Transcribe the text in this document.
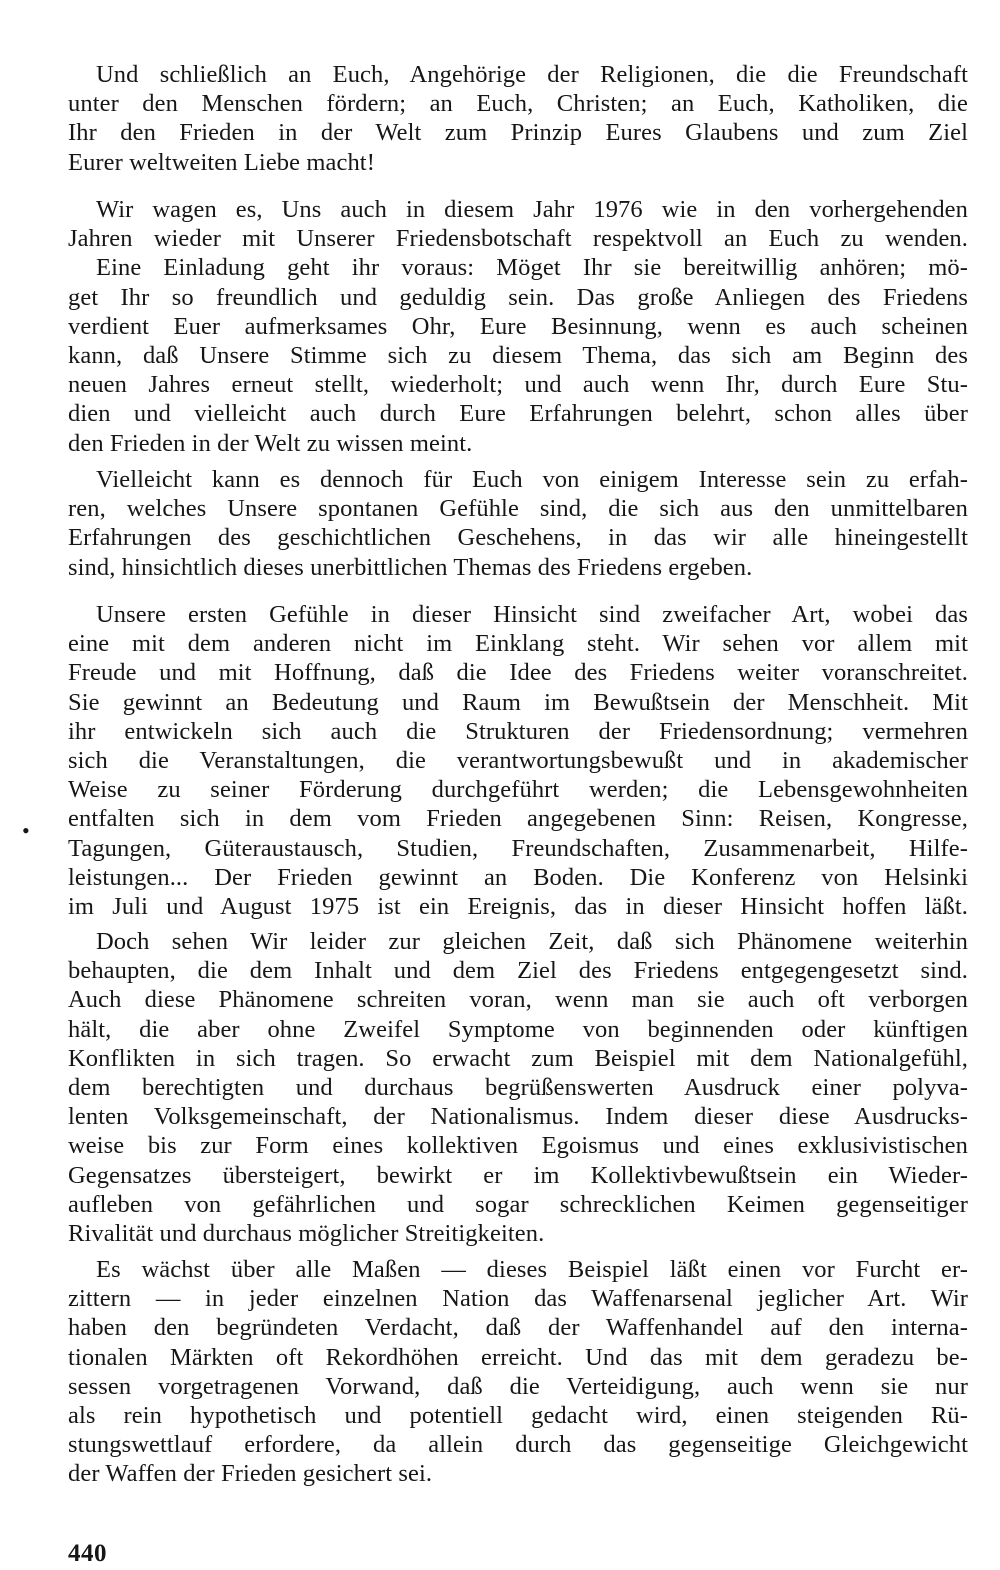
Und schließlich an Euch, Angehörige der Religionen, die die Freundschaft
unter den Menschen fördern; an Euch, Christen; an Euch, Katholiken, die
Ihr den Frieden in der Welt zum Prinzip Eures Glaubens und zum Ziel
Eurer weltweiten Liebe macht!
Wir wagen es, Uns auch in diesem Jahr 1976 wie in den vorhergehenden
Jahren wieder mit Unserer Friedensbotschaft respektvoll an Euch zu wenden.
Eine Einladung geht ihr voraus: Möget Ihr sie bereitwillig anhören; mö-
get Ihr so freundlich und geduldig sein. Das große Anliegen des Friedens
verdient Euer aufmerksames Ohr, Eure Besinnung, wenn es auch scheinen
kann, daß Unsere Stimme sich zu diesem Thema, das sich am Beginn des
neuen Jahres erneut stellt, wiederholt; und auch wenn Ihr, durch Eure Stu-
dien und vielleicht auch durch Eure Erfahrungen belehrt, schon alles über
den Frieden in der Welt zu wissen meint.
Vielleicht kann es dennoch für Euch von einigem Interesse sein zu erfah-
ren, welches Unsere spontanen Gefühle sind, die sich aus den unmittelbaren
Erfahrungen des geschichtlichen Geschehens, in das wir alle hineingestellt
sind, hinsichtlich dieses unerbittlichen Themas des Friedens ergeben.
Unsere ersten Gefühle in dieser Hinsicht sind zweifacher Art, wobei das
eine mit dem anderen nicht im Einklang steht. Wir sehen vor allem mit
Freude und mit Hoffnung, daß die Idee des Friedens weiter voranschreitet.
Sie gewinnt an Bedeutung und Raum im Bewußtsein der Menschheit. Mit
ihr entwickeln sich auch die Strukturen der Friedensordnung; vermehren
sich die Veranstaltungen, die verantwortungsbewußt und in akademischer
Weise zu seiner Förderung durchgeführt werden; die Lebensgewohnheiten
entfalten sich in dem vom Frieden angegebenen Sinn: Reisen, Kongresse,
Tagungen, Güteraustausch, Studien, Freundschaften, Zusammenarbeit, Hilfe-
leistungen... Der Frieden gewinnt an Boden. Die Konferenz von Helsinki
im Juli und August 1975 ist ein Ereignis, das in dieser Hinsicht hoffen läßt.
Doch sehen Wir leider zur gleichen Zeit, daß sich Phänomene weiterhin
behaupten, die dem Inhalt und dem Ziel des Friedens entgegengesetzt sind.
Auch diese Phänomene schreiten voran, wenn man sie auch oft verborgen
hält, die aber ohne Zweifel Symptome von beginnenden oder künftigen
Konflikten in sich tragen. So erwacht zum Beispiel mit dem Nationalgefühl,
dem berechtigten und durchaus begrüßenswerten Ausdruck einer polyva-
lenten Volksgemeinschaft, der Nationalismus. Indem dieser diese Ausdrucks-
weise bis zur Form eines kollektiven Egoismus und eines exklusivistischen
Gegensatzes übersteigert, bewirkt er im Kollektivbewußtsein ein Wieder-
aufleben von gefährlichen und sogar schrecklichen Keimen gegenseitiger
Rivalität und durchaus möglicher Streitigkeiten.
Es wächst über alle Maßen — dieses Beispiel läßt einen vor Furcht er-
zittern — in jeder einzelnen Nation das Waffenarsenal jeglicher Art. Wir
haben den begründeten Verdacht, daß der Waffenhandel auf den interna-
tionalen Märkten oft Rekordhöhen erreicht. Und das mit dem geradezu be-
sessen vorgetragenen Vorwand, daß die Verteidigung, auch wenn sie nur
als rein hypothetisch und potentiell gedacht wird, einen steigenden Rü-
stungswettlauf erfordere, da allein durch das gegenseitige Gleichgewicht
der Waffen der Frieden gesichert sei.
•
440
